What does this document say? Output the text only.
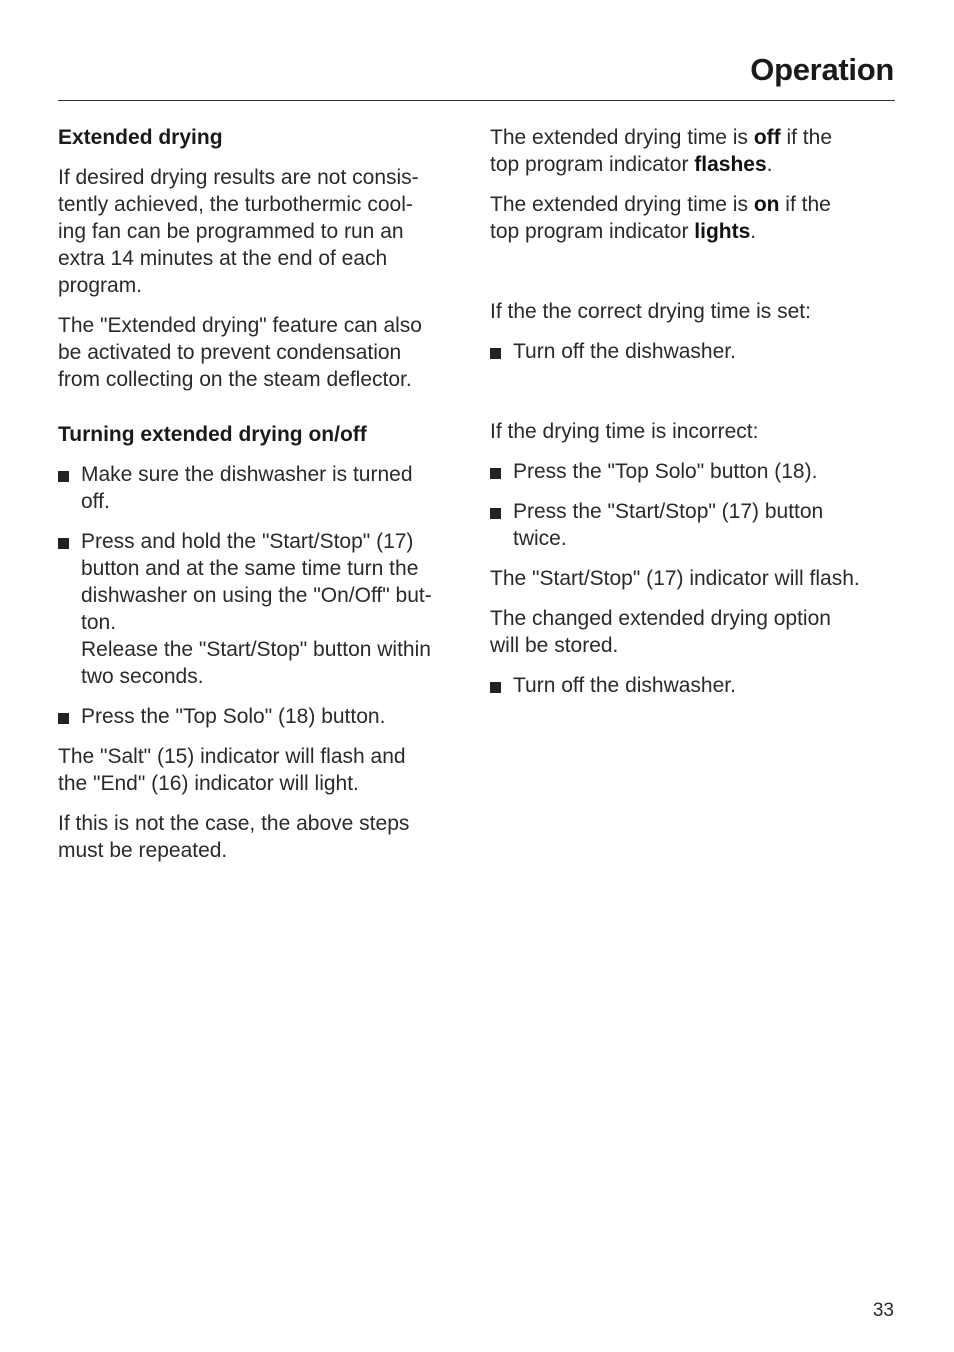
Operation
Extended drying

If desired drying results are not consis-
tently achieved, the turbothermic cool-
ing fan can be programmed to run an
extra 14 minutes at the end of each
program.

The "Extended drying" feature can also
be activated to prevent condensation
from collecting on the steam deflector.

Turning extended drying on/off
Make sure the dishwasher is turned
off.
Press and hold the "Start/Stop" (17)
button and at the same time turn the
dishwasher on using the "On/Off" but-
ton.
Release the "Start/Stop" button within
two seconds.
Press the "Top Solo" (18) button.

The "Salt" (15) indicator will flash and
the "End" (16) indicator will light.

If this is not the case, the above steps
must be repeated.

The extended drying time is off if the
top program indicator flashes.

The extended drying time is on if the
top program indicator lights.

If the the correct drying time is set:

Turn off the dishwasher.

If the drying time is incorrect:

Press the "Top Solo" button (18).
Press the "Start/Stop" (17) button
twice.

The "Start/Stop" (17) indicator will flash.

The changed extended drying option
will be stored.

Turn off the dishwasher.
33
